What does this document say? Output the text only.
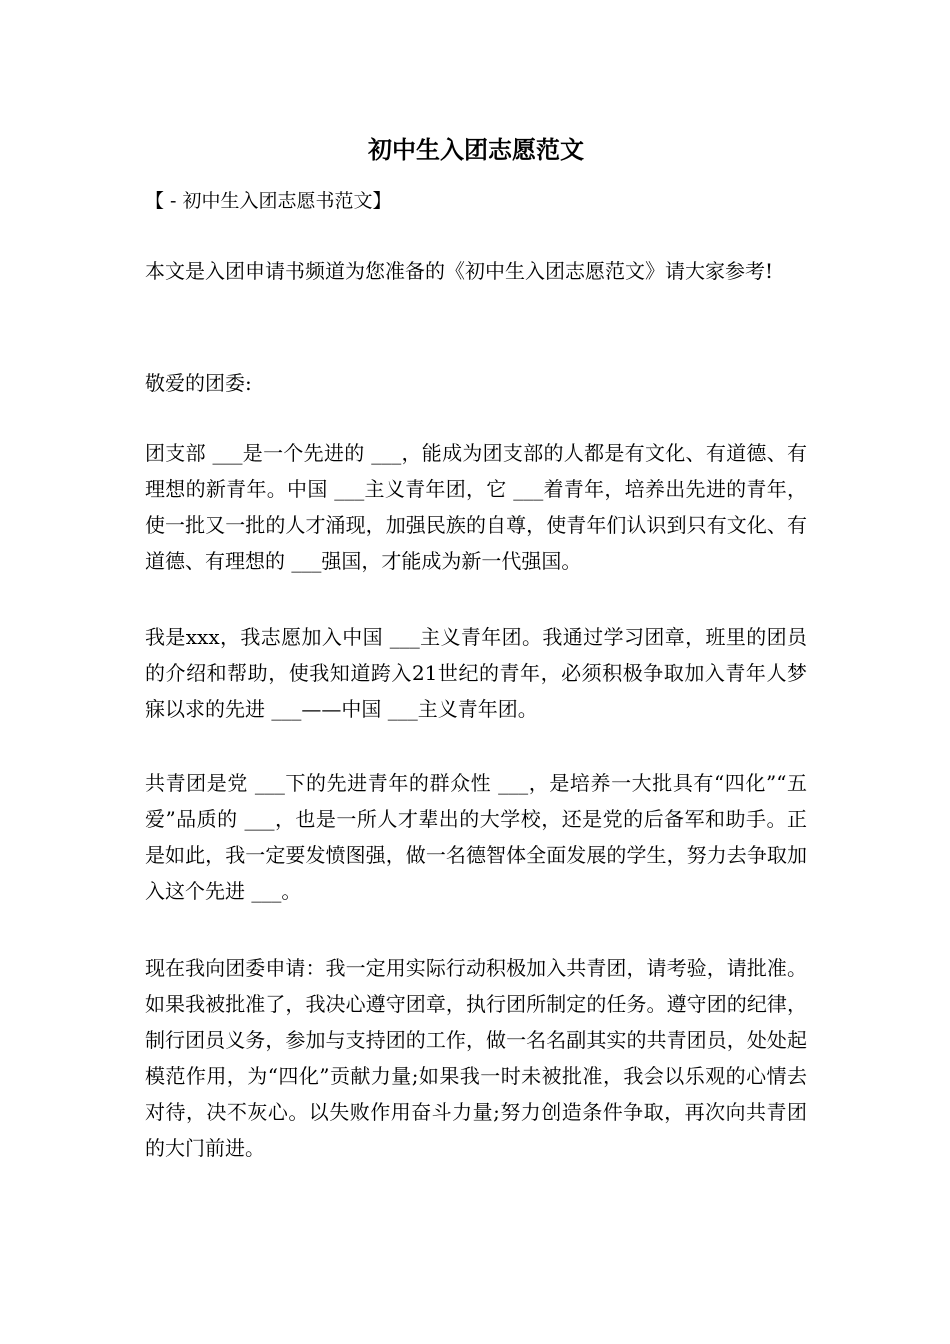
初中生入团志愿范文

【 - 初中生入团志愿书范文】

本文是入团申请书频道为您准备的《初中生入团志愿范文》请大家参考!

敬爱的团委:

团支部 ___是一个先进的 ___，能成为团支部的人都是有文化、有道德、有理想的新青年。中国 ___主义青年团，它 ___着青年，培养出先进的青年，使一批又一批的人才涌现，加强民族的自尊，使青年们认识到只有文化、有道德、有理想的 ___强国，才能成为新一代强国。

我是xxx，我志愿加入中国 ___主义青年团。我通过学习团章，班里的团员的介绍和帮助，使我知道跨入21世纪的青年，必须积极争取加入青年人梦寐以求的先进 ___——中国 ___主义青年团。

共青团是党 ___下的先进青年的群众性 ___，是培养一大批具有“四化”“五爱”品质的 ___，也是一所人才辈出的大学校，还是党的后备军和助手。正是如此，我一定要发愤图强，做一名德智体全面发展的学生，努力去争取加入这个先进 ___。

现在我向团委申请：我一定用实际行动积极加入共青团，请考验，请批准。如果我被批准了，我决心遵守团章，执行团所制定的任务。遵守团的纪律，制行团员义务，参加与支持团的工作，做一名名副其实的共青团员，处处起模范作用，为“四化”贡献力量;如果我一时未被批准，我会以乐观的心情去对待，决不灰心。以失败作用奋斗力量;努力创造条件争取，再次向共青团的大门前进。
